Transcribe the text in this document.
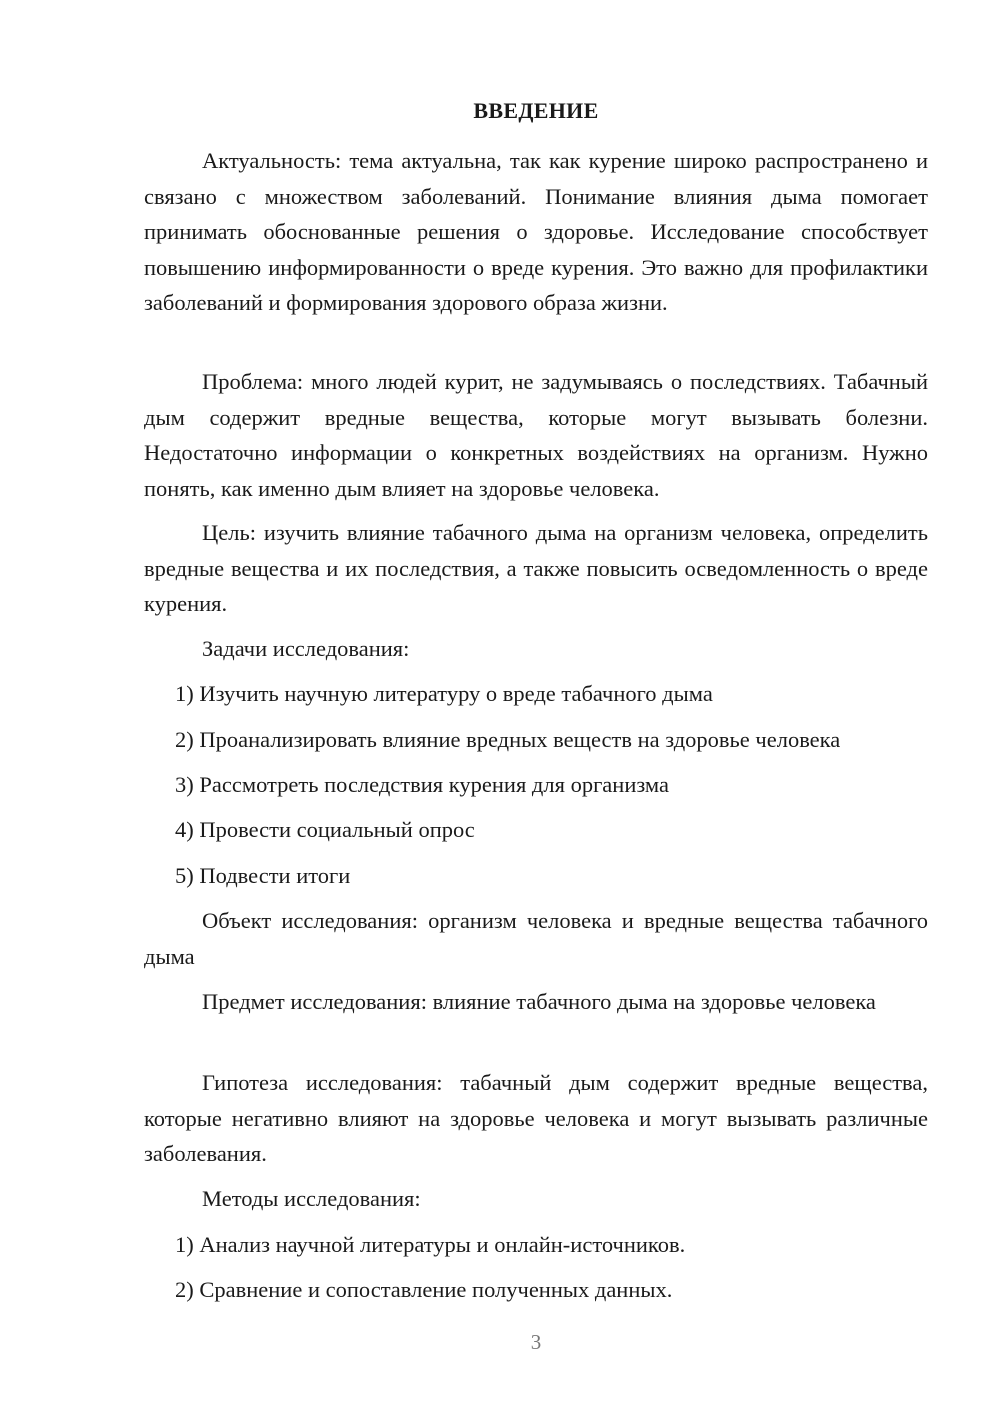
ВВЕДЕНИЕ

Актуальность: тема актуальна, так как курение широко распространено и связано с множеством заболеваний. Понимание влияния дыма помогает принимать обоснованные решения о здоровье. Исследование способствует повышению информированности о вреде курения. Это важно для профилактики заболеваний и формирования здорового образа жизни.

Проблема: много людей курит, не задумываясь о последствиях. Табачный дым содержит вредные вещества, которые могут вызывать болезни. Недостаточно информации о конкретных воздействиях на организм. Нужно понять, как именно дым влияет на здоровье человека.

Цель: изучить влияние табачного дыма на организм человека, определить вредные вещества и их последствия, а также повысить осведомленность о вреде курения.

Задачи исследования:
1) Изучить научную литературу о вреде табачного дыма
2) Проанализировать влияние вредных веществ на здоровье человека
3) Рассмотреть последствия курения для организма
4) Провести социальный опрос
5) Подвести итоги

Объект исследования: организм человека и вредные вещества табачного дыма

Предмет исследования: влияние табачного дыма на здоровье человека

Гипотеза исследования: табачный дым содержит вредные вещества, которые негативно влияют на здоровье человека и могут вызывать различные заболевания.

Методы исследования:
1) Анализ научной литературы и онлайн-источников.
2) Сравнение и сопоставление полученных данных.
3
